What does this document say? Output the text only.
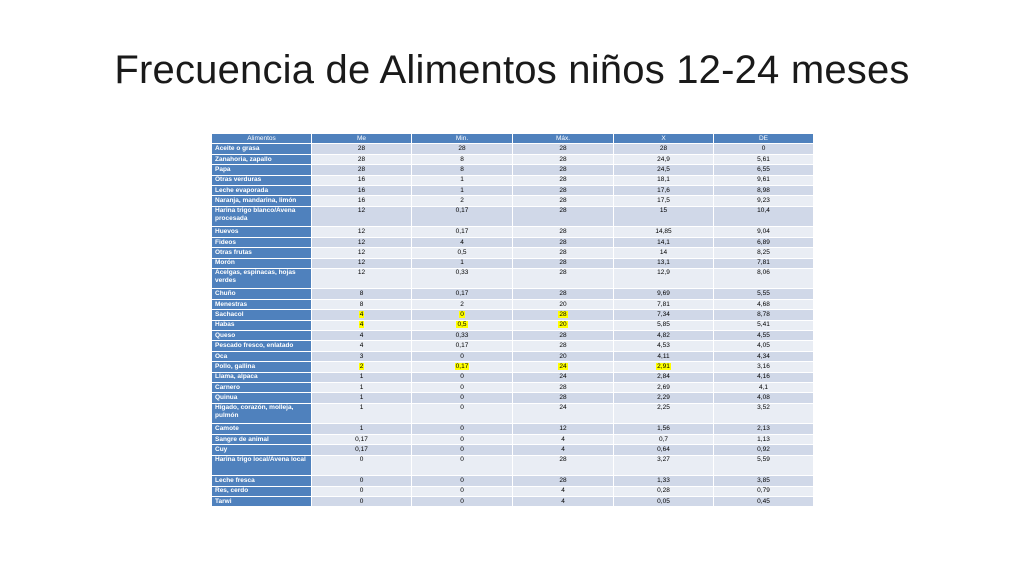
Frecuencia de Alimentos niños 12-24 meses
Alimentos	Me	Min.	Máx.	X	DE
Aceite o grasa	28	28	28	28	0
Zanahoria, zapallo	28	8	28	24,9	5,61
Papa	28	8	28	24,5	6,55
Otras verduras	16	1	28	18,1	9,61
Leche evaporada	16	1	28	17,6	8,98
Naranja, mandarina, limón	16	2	28	17,5	9,23
Harina trigo blanco/Avena procesada	12	0,17	28	15	10,4
Huevos	12	0,17	28	14,85	9,04
Fideos	12	4	28	14,1	6,89
Otras frutas	12	0,5	28	14	8,25
Morón	12	1	28	13,1	7,81
Acelgas, espinacas, hojas verdes	12	0,33	28	12,9	8,06
Chuño	8	0,17	28	9,69	5,55
Menestras	8	2	20	7,81	4,68
Sachacol	4	0	28	7,34	8,78
Habas	4	0,5	20	5,85	5,41
Queso	4	0,33	28	4,82	4,55
Pescado fresco, enlatado	4	0,17	28	4,53	4,05
Oca	3	0	20	4,11	4,34
Pollo, gallina	2	0,17	24	2,91	3,16
Llama, alpaca	1	0	24	2,84	4,16
Carnero	1	0	28	2,69	4,1
Quinua	1	0	28	2,29	4,08
Hígado, corazón, molleja, pulmón	1	0	24	2,25	3,52
Camote	1	0	12	1,56	2,13
Sangre de animal	0,17	0	4	0,7	1,13
Cuy	0,17	0	4	0,64	0,92
Harina trigo local/Avena local	0	0	28	3,27	5,59
Leche fresca	0	0	28	1,33	3,85
Res, cerdo	0	0	4	0,28	0,79
Tarwi	0	0	4	0,05	0,45
